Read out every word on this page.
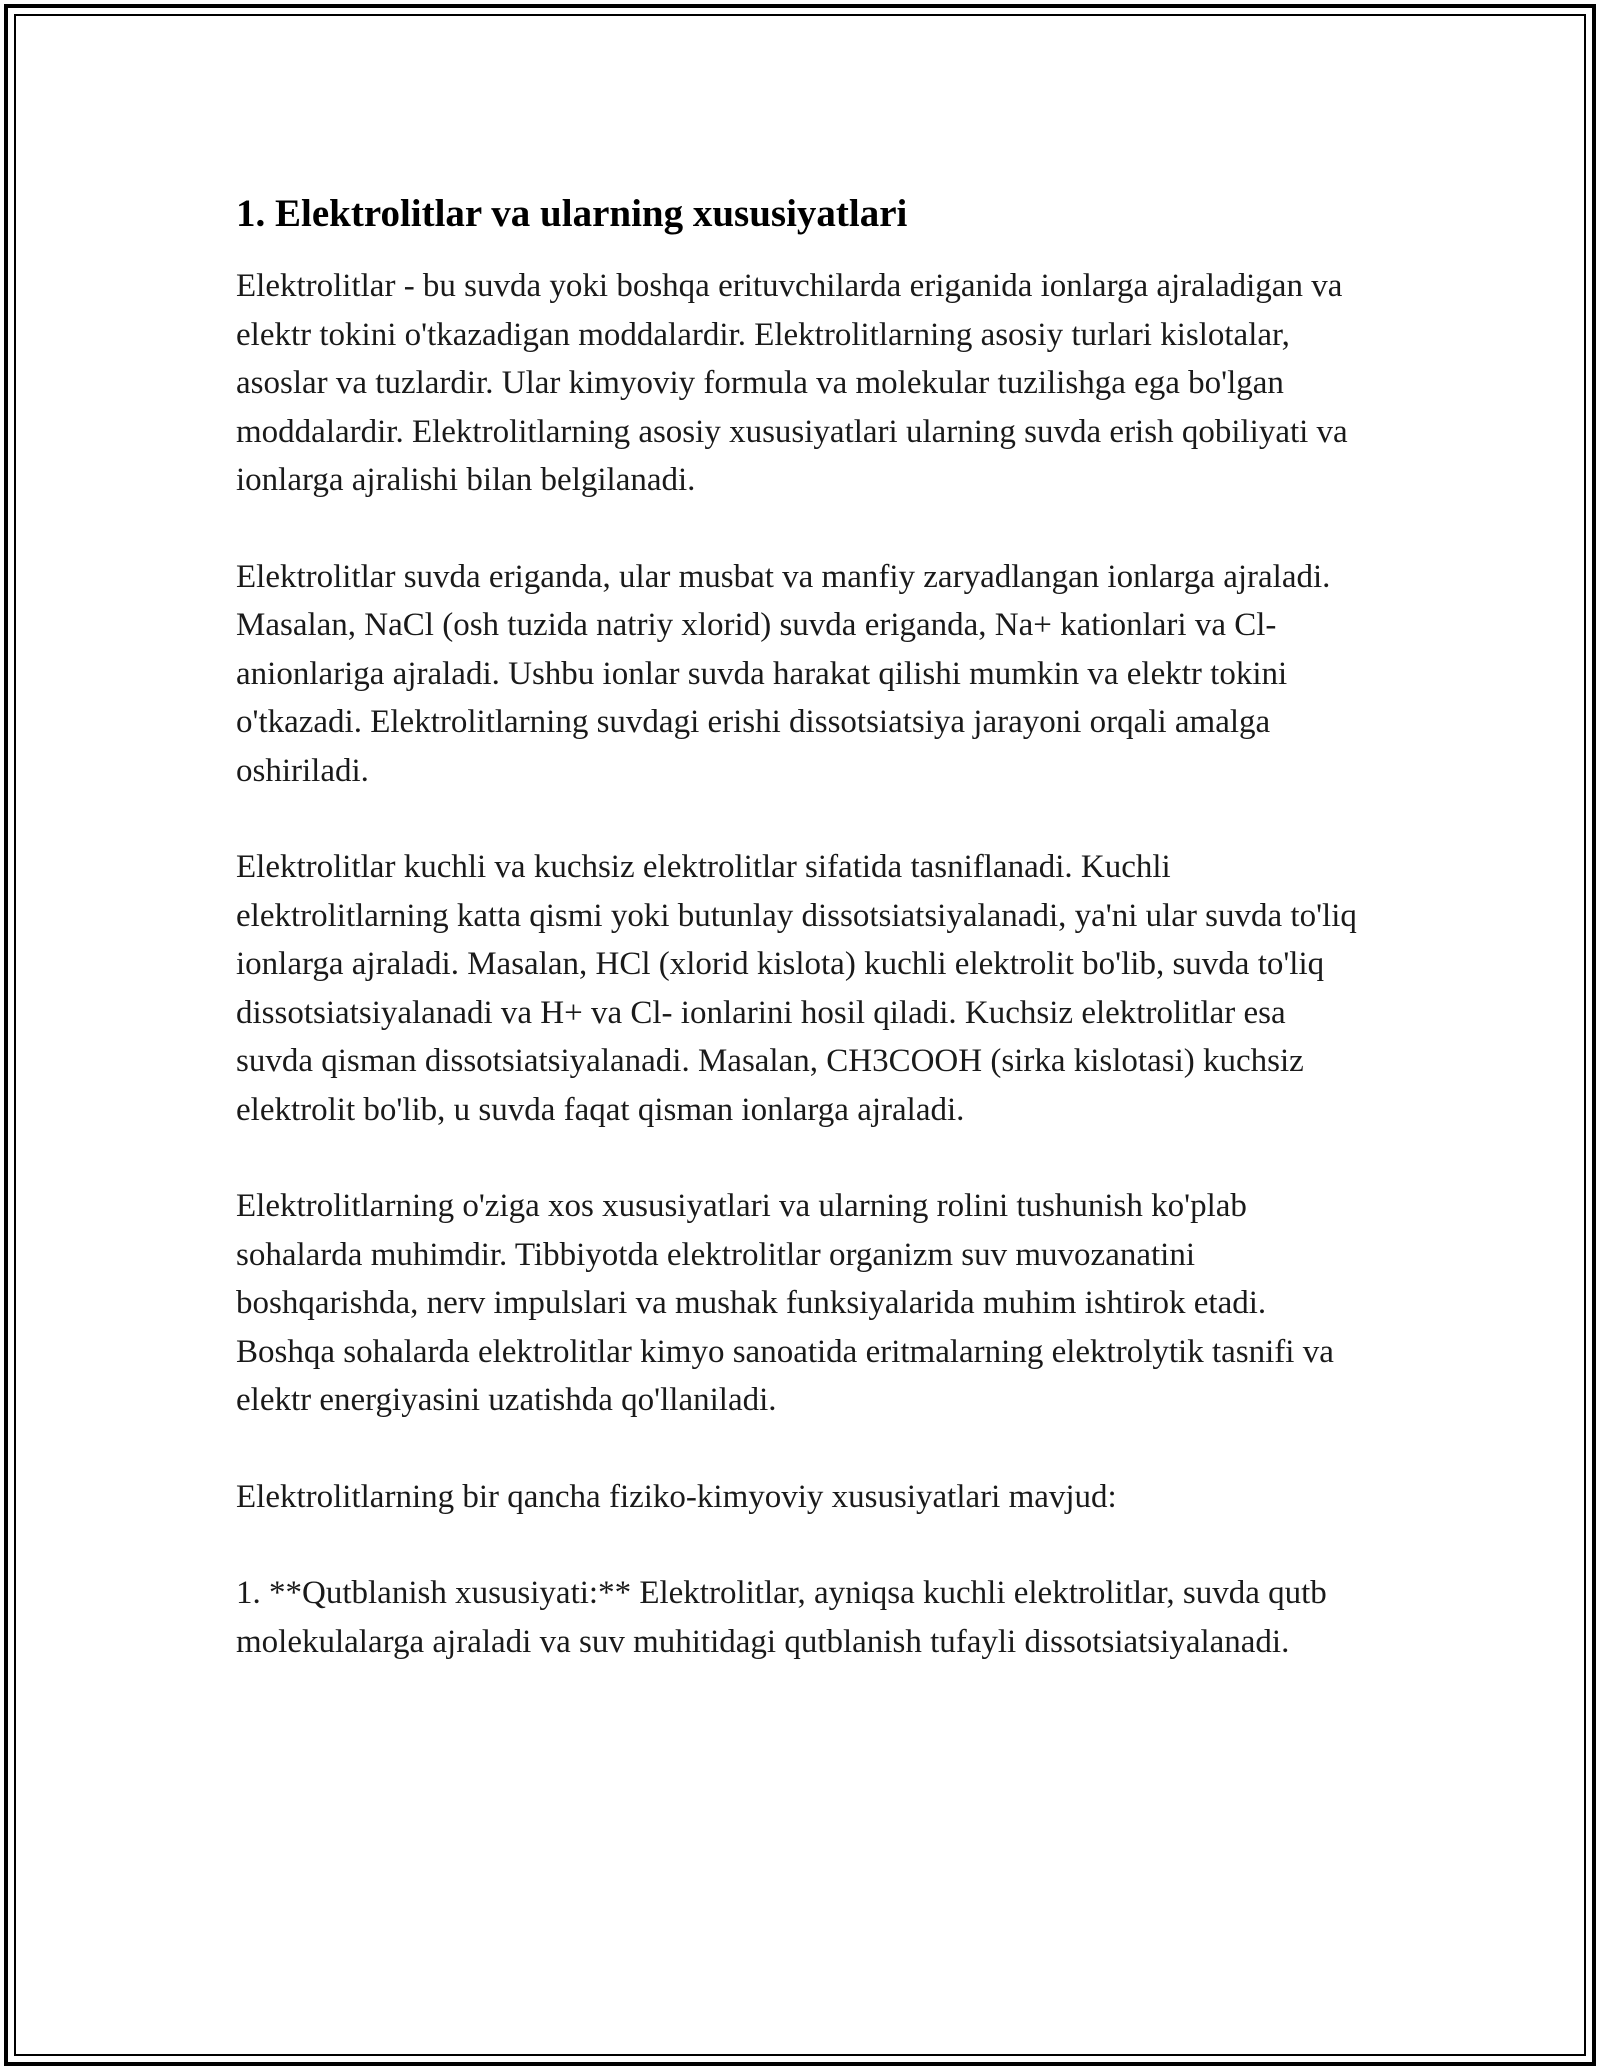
1. Elektrolitlar va ularning xususiyatlari

Elektrolitlar - bu suvda yoki boshqa erituvchilarda eriganida ionlarga ajraladigan va elektr tokini o'tkazadigan moddalardir. Elektrolitlarning asosiy turlari kislotalar, asoslar va tuzlardir. Ular kimyoviy formula va molekular tuzilishga ega bo'lgan moddalardir. Elektrolitlarning asosiy xususiyatlari ularning suvda erish qobiliyati va ionlarga ajralishi bilan belgilanadi.

Elektrolitlar suvda eriganda, ular musbat va manfiy zaryadlangan ionlarga ajraladi. Masalan, NaCl (osh tuzida natriy xlorid) suvda eriganda, Na+ kationlari va Cl- anionlariga ajraladi. Ushbu ionlar suvda harakat qilishi mumkin va elektr tokini o'tkazadi. Elektrolitlarning suvdagi erishi dissotsiatsiya jarayoni orqali amalga oshiriladi.

Elektrolitlar kuchli va kuchsiz elektrolitlar sifatida tasniflanadi. Kuchli elektrolitlarning katta qismi yoki butunlay dissotsiatsiyalanadi, ya'ni ular suvda to'liq ionlarga ajraladi. Masalan, HCl (xlorid kislota) kuchli elektrolit bo'lib, suvda to'liq dissotsiatsiyalanadi va H+ va Cl- ionlarini hosil qiladi. Kuchsiz elektrolitlar esa suvda qisman dissotsiatsiyalanadi. Masalan, CH3COOH (sirka kislotasi) kuchsiz elektrolit bo'lib, u suvda faqat qisman ionlarga ajraladi.

Elektrolitlarning o'ziga xos xususiyatlari va ularning rolini tushunish ko'plab sohalarda muhimdir. Tibbiyotda elektrolitlar organizm suv muvozanatini boshqarishda, nerv impulslari va mushak funksiyalarida muhim ishtirok etadi. Boshqa sohalarda elektrolitlar kimyo sanoatida eritmalarning elektrolytik tasnifi va elektr energiyasini uzatishda qo'llaniladi.

Elektrolitlarning bir qancha fiziko-kimyoviy xususiyatlari mavjud:

1. **Qutblanish xususiyati:** Elektrolitlar, ayniqsa kuchli elektrolitlar, suvda qutb molekulalarga ajraladi va suv muhitidagi qutblanish tufayli dissotsiatsiyalanadi.
